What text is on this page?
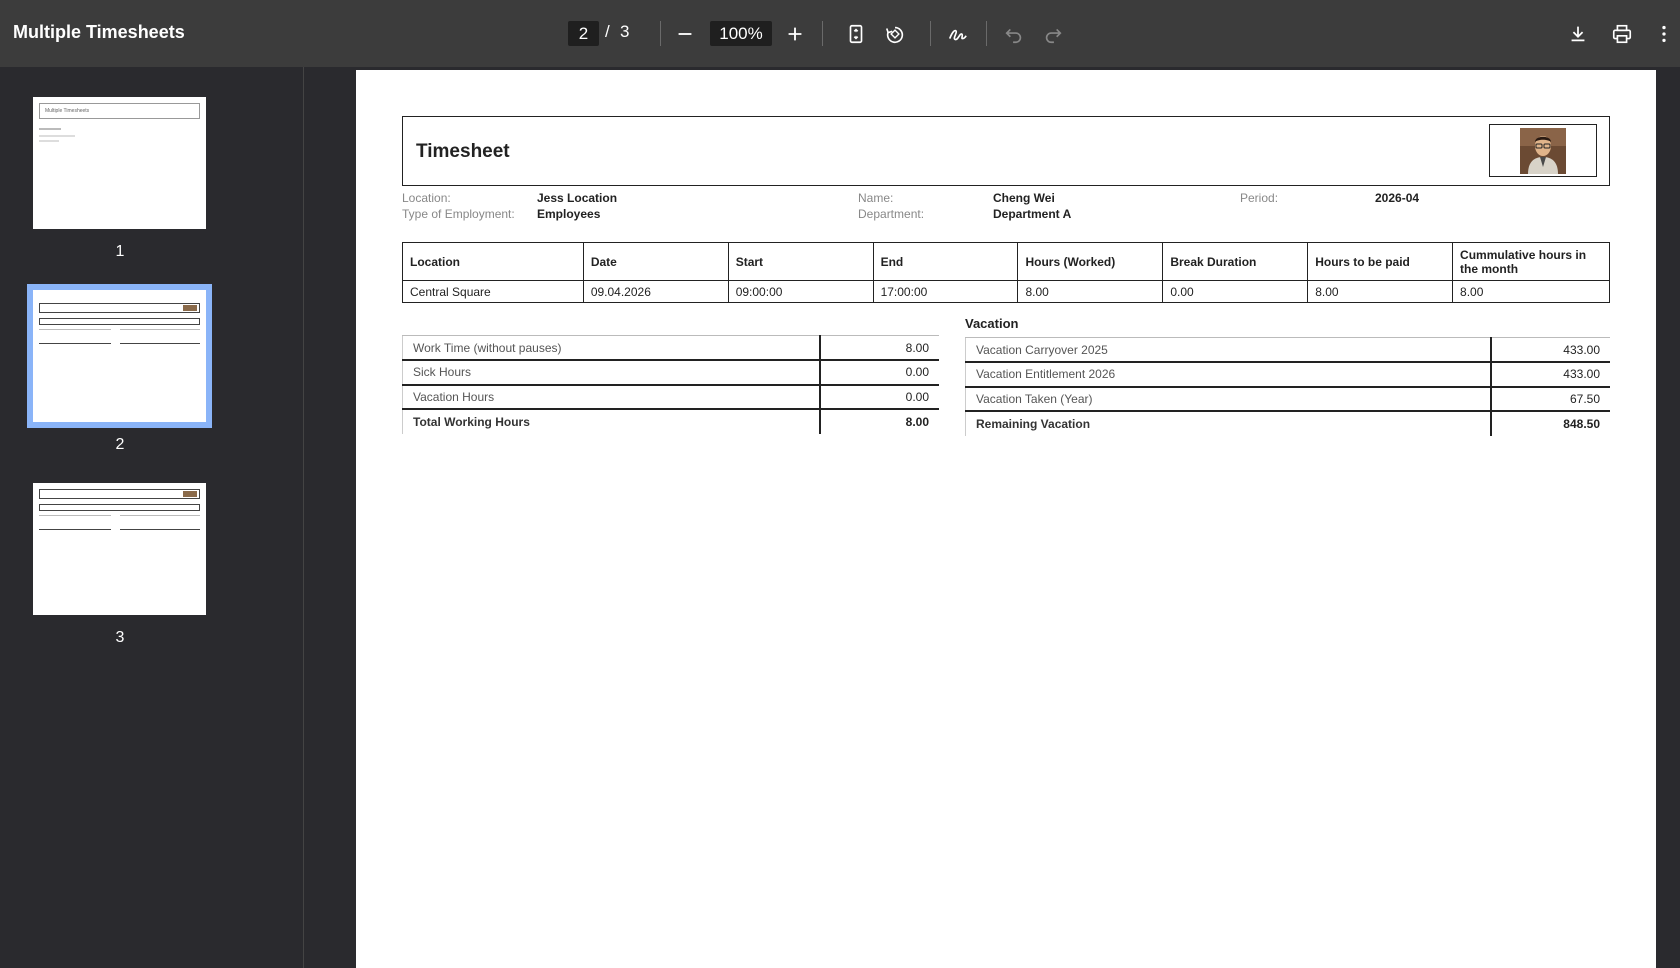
Multiple Timesheets	2 / 3	100%
Multiple Timesheets
1
2
3
Timesheet
Location:	Jess Location
Type of Employment: Employees
Name:	Cheng Wei
Department:	Department A
Period:	2026-04
Location	Date	Start	End	Hours (Worked)	Break Duration	Hours to be paid	Cummulative hours in the month
Central Square	09.04.2026	09:00:00	17:00:00	8.00	0.00	8.00	8.00
Work Time (without pauses)	8.00
Sick Hours	0.00
Vacation Hours	0.00
Total Working Hours	8.00
Vacation
Vacation Carryover 2025	433.00
Vacation Entitlement 2026	433.00
Vacation Taken (Year)	67.50
Remaining Vacation	848.50
